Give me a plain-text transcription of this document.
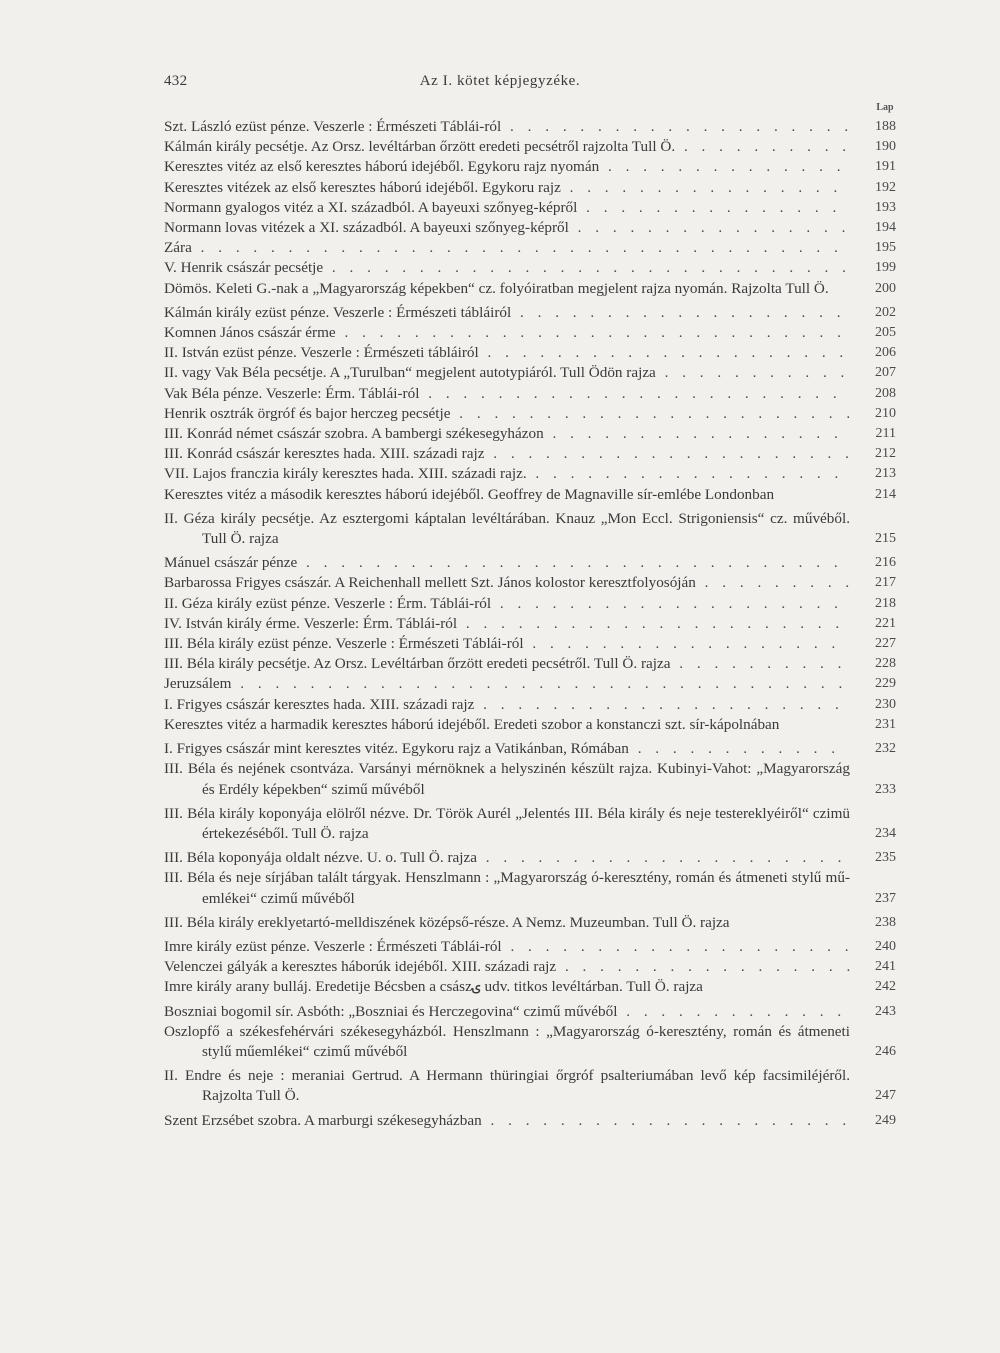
432	Az I. kötet képjegyzéke.
Lap
Szt. László ezüst pénze. Veszerle : Érmészeti Táblái-ról . . .	188
Kálmán király pecsétje. Az Orsz. levéltárban őrzött eredeti pecsétről rajzolta Tull Ö. . . .	190
Keresztes vitéz az első keresztes háború idejéből. Egykoru rajz nyomán . . .	191
Keresztes vitézek az első keresztes háború idejéből. Egykoru rajz . . .	192
Normann gyalogos vitéz a XI. századból. A bayeuxi szőnyeg-képről . . .	193
Normann lovas vitézek a XI. századból. A bayeuxi szőnyeg-képről . . .	194
Zára . . .	195
V. Henrik császár pecsétje . . .	199
Dömös. Keleti G.-nak a „Magyarország képekben“ cz. folyóiratban megjelent rajza nyomán. Rajzolta Tull Ö.	200
Kálmán király ezüst pénze. Veszerle : Érmészeti tábláiról . . .	202
Komnen János császár érme . . .	205
II. István ezüst pénze. Veszerle : Érmészeti tábláiról . . .	206
II. vagy Vak Béla pecsétje. A „Turulban“ megjelent autotypiáról. Tull Ödön rajza . . .	207
Vak Béla pénze. Veszerle: Érm. Táblái-ról . . .	208
Henrik osztrák örgróf és bajor herczeg pecsétje . . .	210
III. Konrád német császár szobra. A bambergi székesegyházon . . .	211
III. Konrád császár keresztes hada. XIII. századi rajz . . .	212
VII. Lajos franczia király keresztes hada. XIII. századi rajz. . . .	213
Keresztes vitéz a második keresztes háború idejéből. Geoffrey de Magnaville sír-emlébe Londonban	214
II. Géza király pecsétje. Az esztergomi káptalan levéltárában. Knauz „Mon Eccl. Strigoniensis“ cz. művéből. Tull Ö. rajza	215
Mánuel császár pénze . . .	216
Barbarossa Frigyes császár. A Reichenhall mellett Szt. János kolostor keresztfolyosóján . . .	217
II. Géza király ezüst pénze. Veszerle : Érm. Táblái-ról . . .	218
IV. István király érme. Veszerle: Érm. Táblái-ról . . .	221
III. Béla király ezüst pénze. Veszerle : Érmészeti Táblái-ról . . .	227
III. Béla király pecsétje. Az Orsz. Levéltárban őrzött eredeti pecsétről. Tull Ö. rajza . . .	228
Jeruzsálem . . .	229
I. Frigyes császár keresztes hada. XIII. századi rajz . . .	230
Keresztes vitéz a harmadik keresztes háború idejéből. Eredeti szobor a konstanczi szt. sír-kápolnában	231
I. Frigyes császár mint keresztes vitéz. Egykoru rajz a Vatikánban, Rómában . . .	232
III. Béla és nejének csontváza. Varsányi mérnöknek a helyszinén készült rajza. Kubinyi-Vahot: „Magyarország és Erdély képekben“ szimű művéből	233
III. Béla király koponyája elölről nézve. Dr. Török Aurél „Jelentés III. Béla király és neje testereklyéiről“ czimü értekezéséből. Tull Ö. rajza	234
III. Béla koponyája oldalt nézve. U. o. Tull Ö. rajza . . .	235
III. Béla és neje sírjában talált tárgyak. Henszlmann : „Magyarország ó-keresztény, román és átmeneti stylű mű-emlékei“ czimű művéből	237
III. Béla király ereklyetartó-melldiszének középső-része. A Nemz. Muzeumban. Tull Ö. rajza	238
Imre király ezüst pénze. Veszerle : Érmészeti Táblái-ról . . .	240
Velenczei gályák a keresztes háborúk idejéből. XIII. századi rajz . . .	241
Imre király arany bulláj. Eredetije Bécsben a császۍ udv. titkos levéltárban. Tull Ö. rajza	242
Boszniai bogomil sír. Asbóth: „Boszniai és Herczegovina“ czimű művéből . . .	243
Oszlopfő a székesfehérvári székesegyházból. Henszlmann : „Magyarország ó-keresztény, román és átmeneti stylű műemlékei“ czimű művéből	246
II. Endre és neje : meraniai Gertrud. A Hermann thüringiai őrgróf psalteriumában levő kép facsimiléjéről. Rajzolta Tull Ö.	247
Szent Erzsébet szobra. A marburgi székesegyházban . . .	249
